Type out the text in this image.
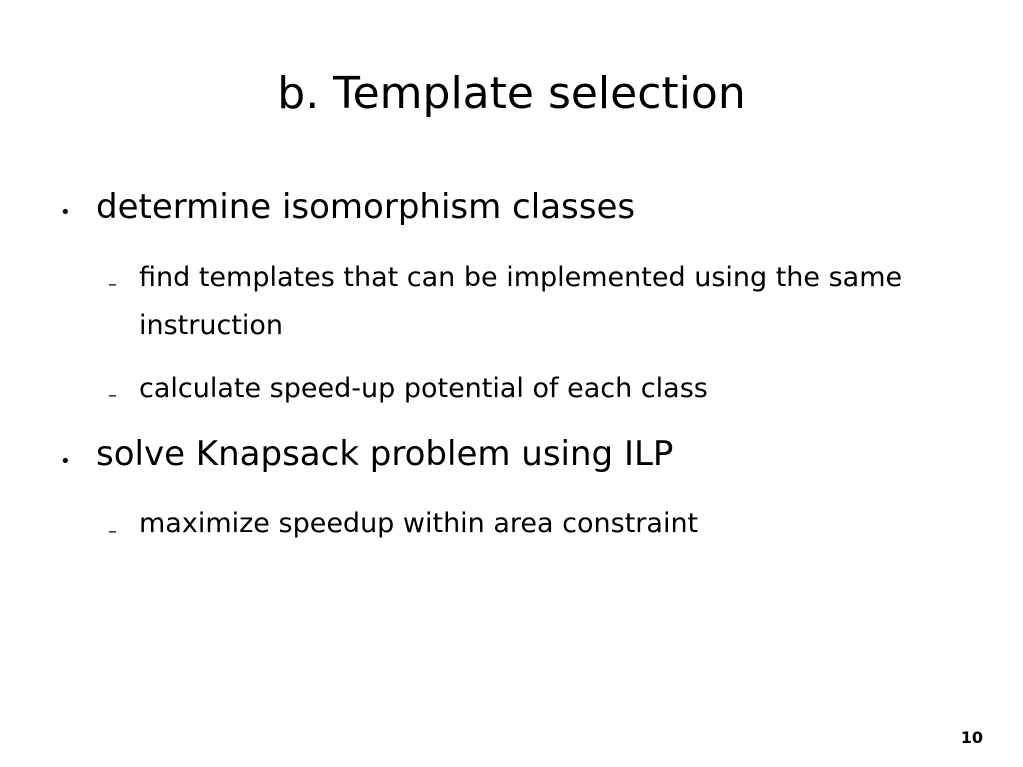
b. Template selection
• determine isomorphism classes
– find templates that can be implemented using the same instruction
– calculate speed-up potential of each class
• solve Knapsack problem using ILP
– maximize speedup within area constraint
10
